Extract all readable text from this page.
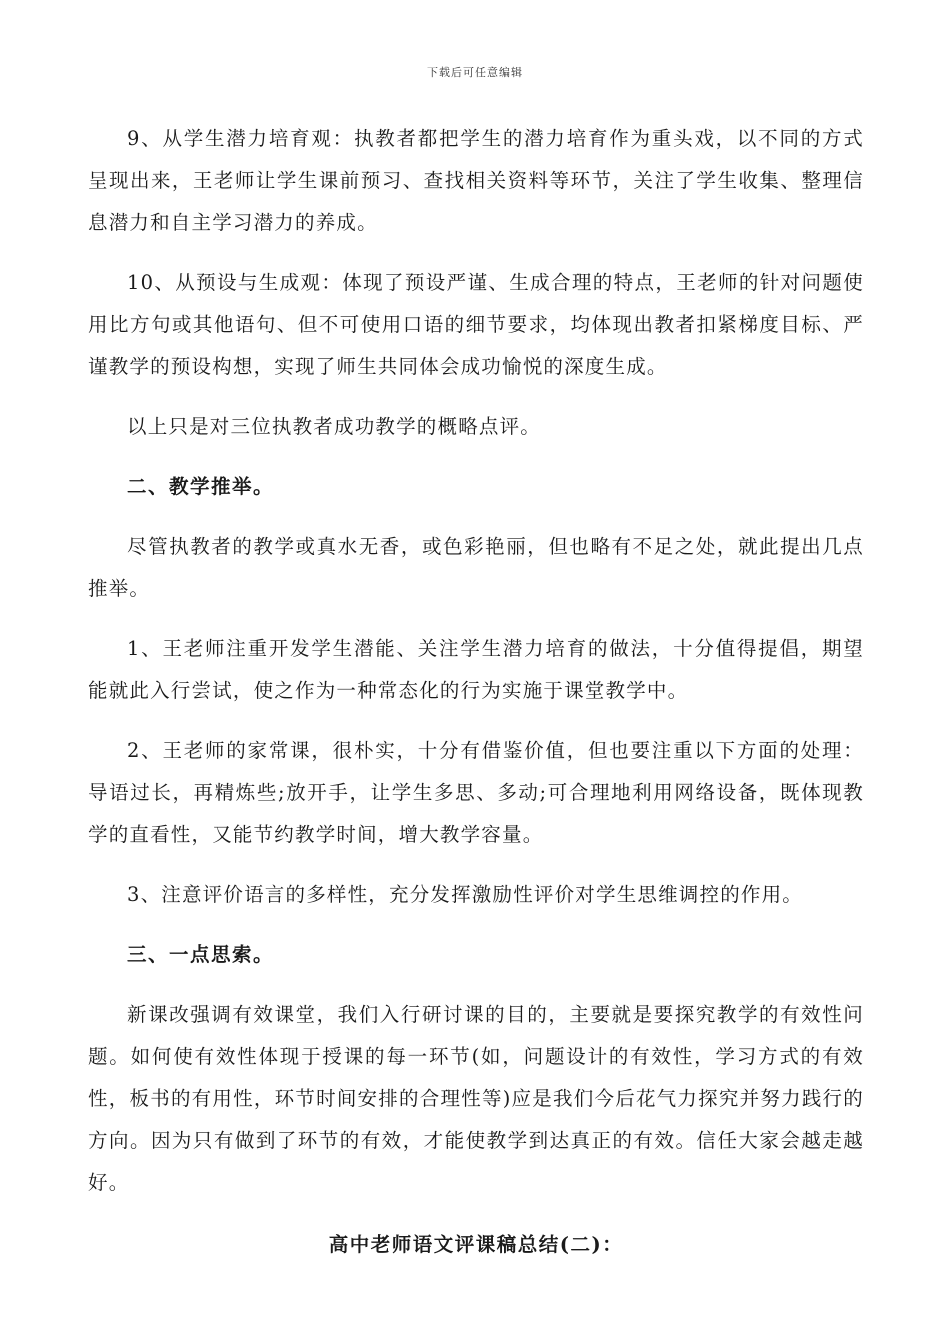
下载后可任意编辑

9、从学生潜力培育观：执教者都把学生的潜力培育作为重头戏，以不同的方式呈现出来，王老师让学生课前预习、查找相关资料等环节，关注了学生收集、整理信息潜力和自主学习潜力的养成。

10、从预设与生成观：体现了预设严谨、生成合理的特点，王老师的针对问题使用比方句或其他语句、但不可使用口语的细节要求，均体现出教者扣紧梯度目标、严谨教学的预设构想，实现了师生共同体会成功愉悦的深度生成。

以上只是对三位执教者成功教学的概略点评。

二、教学推举。

尽管执教者的教学或真水无香，或色彩艳丽，但也略有不足之处，就此提出几点推举。

1、王老师注重开发学生潜能、关注学生潜力培育的做法，十分值得提倡，期望能就此入行尝试，使之作为一种常态化的行为实施于课堂教学中。

2、王老师的家常课，很朴实，十分有借鉴价值，但也要注重以下方面的处理：导语过长，再精炼些;放开手，让学生多思、多动;可合理地利用网络设备，既体现教学的直看性，又能节约教学时间，增大教学容量。

3、注意评价语言的多样性，充分发挥激励性评价对学生思维调控的作用。

三、一点思索。

新课改强调有效课堂，我们入行研讨课的目的，主要就是要探究教学的有效性问题。如何使有效性体现于授课的每一环节(如，问题设计的有效性，学习方式的有效性，板书的有用性，环节时间安排的合理性等)应是我们今后花气力探究并努力践行的方向。因为只有做到了环节的有效，才能使教学到达真正的有效。信任大家会越走越好。

高中老师语文评课稿总结(二)：
